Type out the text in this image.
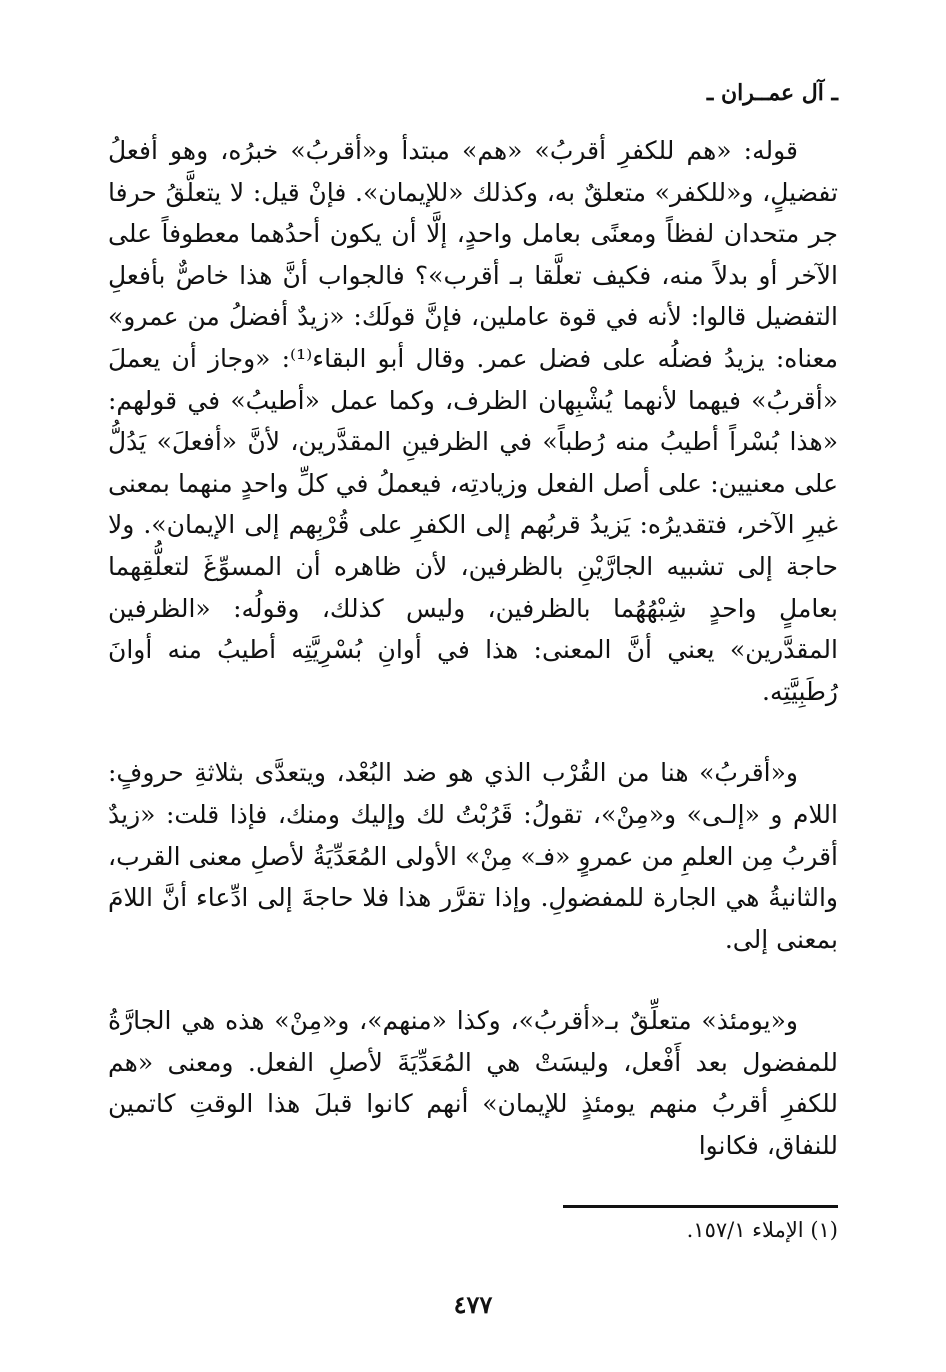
ـ آل عمــران ـ

قوله: «هم للكفرِ أقربُ» «هم» مبتدأ و«أقربُ» خبرُه، وهو أفعلُ تفضيلٍ، و«للكفر» متعلقٌ به، وكذلك «للإيمان». فإنْ قيل: لا يتعلَّقُ حرفا جر متحدان لفظاً ومعنًى بعامل واحدٍ، إلَّا أن يكون أحدُهما معطوفاً على الآخر أو بدلاً منه، فكيف تعلَّقا بـ أقرب»؟ فالجواب أنَّ هذا خاصٌّ بأفعلِ التفضيل قالوا: لأنه في قوة عاملين، فإنَّ قولَك: «زيدٌ أفضلُ من عمرو» معناه: يزيدُ فضلُه على فضل عمر. وقال أبو البقاء⁽¹⁾: «وجاز أن يعملَ «أقربُ» فيهما لأنهما يُشْبِهان الظرف، وكما عمل «أطيبُ» في قولهم: «هذا بُسْراً أطيبُ منه رُطباً» في الظرفينِ المقدَّرين، لأنَّ «أفعلَ» يَدُلُّ على معنيين: على أصل الفعل وزيادتِه، فيعملُ في كلِّ واحدٍ منهما بمعنى غيرِ الآخر، فتقديرُه: يَزيدُ قربُهم إلى الكفرِ على قُرْبِهم إلى الإيمان». ولا حاجة إلى تشبيه الجارَّيْنِ بالظرفين، لأن ظاهره أن المسوِّغَ لتعلُّقِهما بعاملٍ واحدٍ شِبْهُهُما بالظرفين، وليس كذلك، وقولُه: «الظرفين المقدَّرين» يعني أنَّ المعنى: هذا في أوانِ بُسْرِيَّتِه أطيبُ منه أوانَ رُطَبِيَّتِه.

و«أقربُ» هنا من القُرْب الذي هو ضد البُعْد، ويتعدَّى بثلاثةِ حروفٍ: اللام و «إلـى» و«مِنْ»، تقولُ: قَرُبْتُ لك وإليك ومنك، فإذا قلت: «زيدٌ أقربُ مِن العلمِ من عمروٍ «فـ» مِنْ» الأولى المُعَدِّيَةُ لأصلِ معنى القرب، والثانيةُ هي الجارة للمفضولِ. وإذا تقرَّر هذا فلا حاجةَ إلى ادِّعاء أنَّ اللامَ بمعنى إلى.

و«يومئذ» متعلِّقٌ بـ«أقربُ»، وكذا «منهم»، و«مِنْ» هذه هي الجارَّةُ للمفضول بعد أَفْعل، وليسَتْ هي المُعَدِّيَةَ لأصلِ الفعل. ومعنى «هم للكفرِ أقربُ منهم يومئذٍ للإيمان» أنهم كانوا قبلَ هذا الوقتِ كاتمين للنفاق، فكانوا

(١) الإملاء ١٥٧/١.
٤٧٧
